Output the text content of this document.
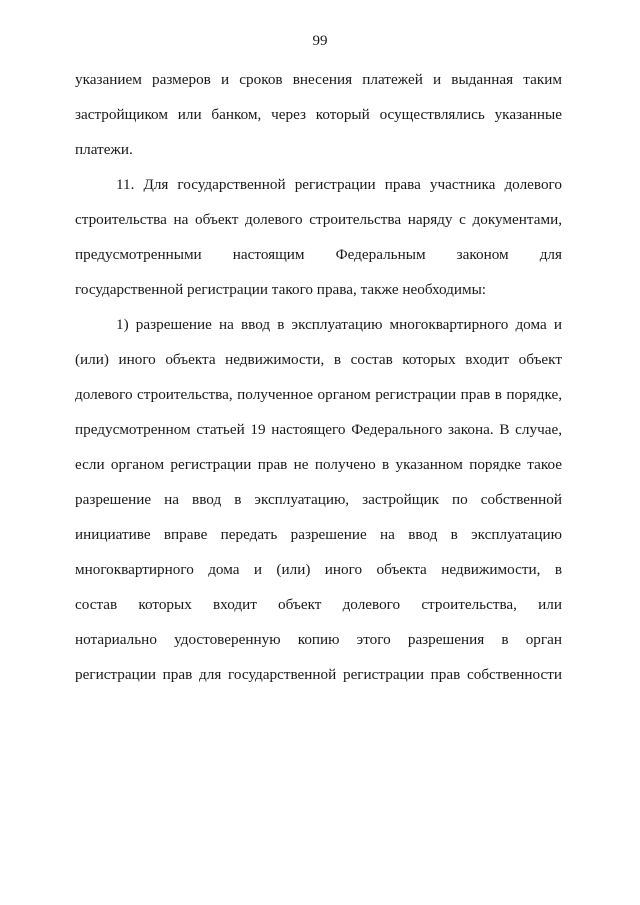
99
указанием размеров и сроков внесения платежей и выданная таким
застройщиком или банком, через который осуществлялись указанные
платежи.
11. Для государственной регистрации права участника долевого
строительства на объект долевого строительства наряду с документами,
предусмотренными настоящим Федеральным законом для
государственной регистрации такого права, также необходимы:
1) разрешение на ввод в эксплуатацию многоквартирного дома и
(или) иного объекта недвижимости, в состав которых входит объект
долевого строительства, полученное органом регистрации прав в порядке,
предусмотренном статьей 19 настоящего Федерального закона. В случае,
если органом регистрации прав не получено в указанном порядке такое
разрешение на ввод в эксплуатацию, застройщик по собственной
инициативе вправе передать разрешение на ввод в эксплуатацию
многоквартирного дома и (или) иного объекта недвижимости, в
состав которых входит объект долевого строительства, или
нотариально удостоверенную копию этого разрешения в орган
регистрации прав для государственной регистрации прав собственности
